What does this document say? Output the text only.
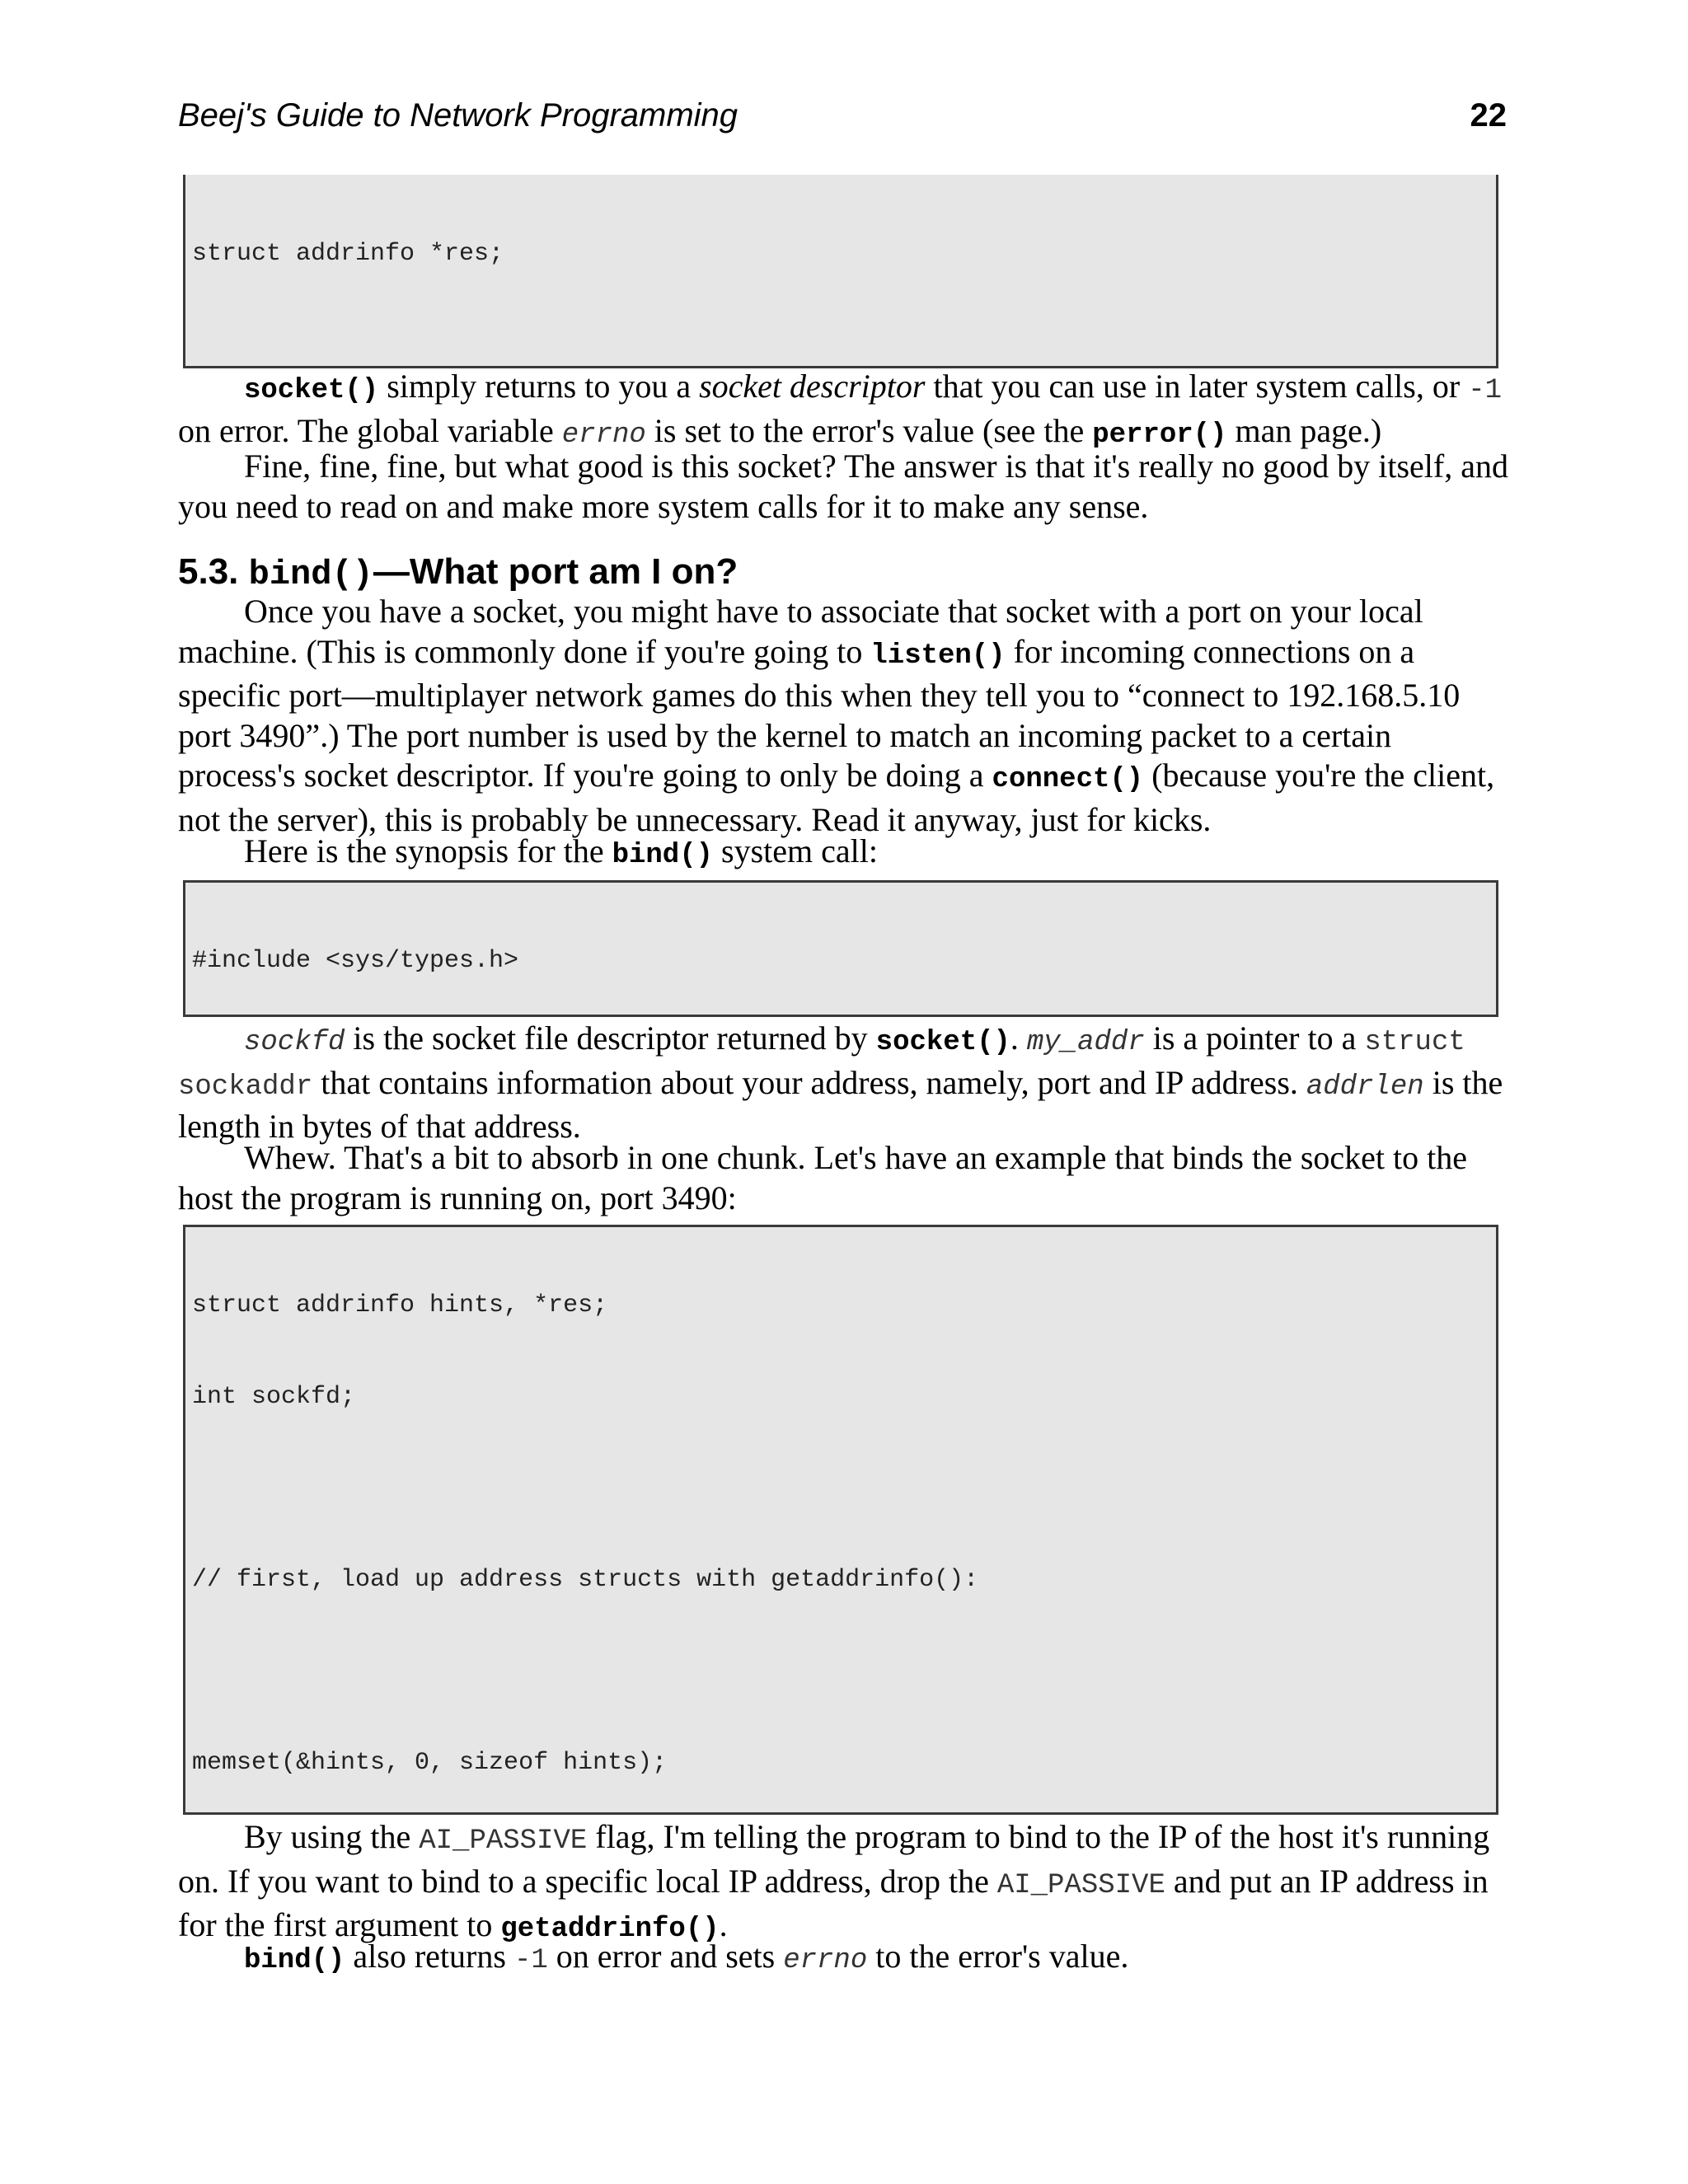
Beej's Guide to Network Programming	22

struct addrinfo *res;

socket() simply returns to you a socket descriptor that you can use in later system calls, or -1 on error. The global variable errno is set to the error's value (see the perror() man page.)

Fine, fine, fine, but what good is this socket? The answer is that it's really no good by itself, and you need to read on and make more system calls for it to make any sense.

5.3. bind()—What port am I on?

Once you have a socket, you might have to associate that socket with a port on your local machine. (This is commonly done if you're going to listen() for incoming connections on a specific port—multiplayer network games do this when they tell you to “connect to 192.168.5.10 port 3490”.) The port number is used by the kernel to match an incoming packet to a certain process's socket descriptor. If you're going to only be doing a connect() (because you're the client, not the server), this is probably be unnecessary. Read it anyway, just for kicks.

Here is the synopsis for the bind() system call:

#include <sys/types.h>

sockfd is the socket file descriptor returned by socket(). my_addr is a pointer to a struct sockaddr that contains information about your address, namely, port and IP address. addrlen is the length in bytes of that address.

Whew. That's a bit to absorb in one chunk. Let's have an example that binds the socket to the host the program is running on, port 3490:

struct addrinfo hints, *res;

int sockfd;

// first, load up address structs with getaddrinfo():

memset(&hints, 0, sizeof hints);

By using the AI_PASSIVE flag, I'm telling the program to bind to the IP of the host it's running on. If you want to bind to a specific local IP address, drop the AI_PASSIVE and put an IP address in for the first argument to getaddrinfo().

bind() also returns -1 on error and sets errno to the error's value.
